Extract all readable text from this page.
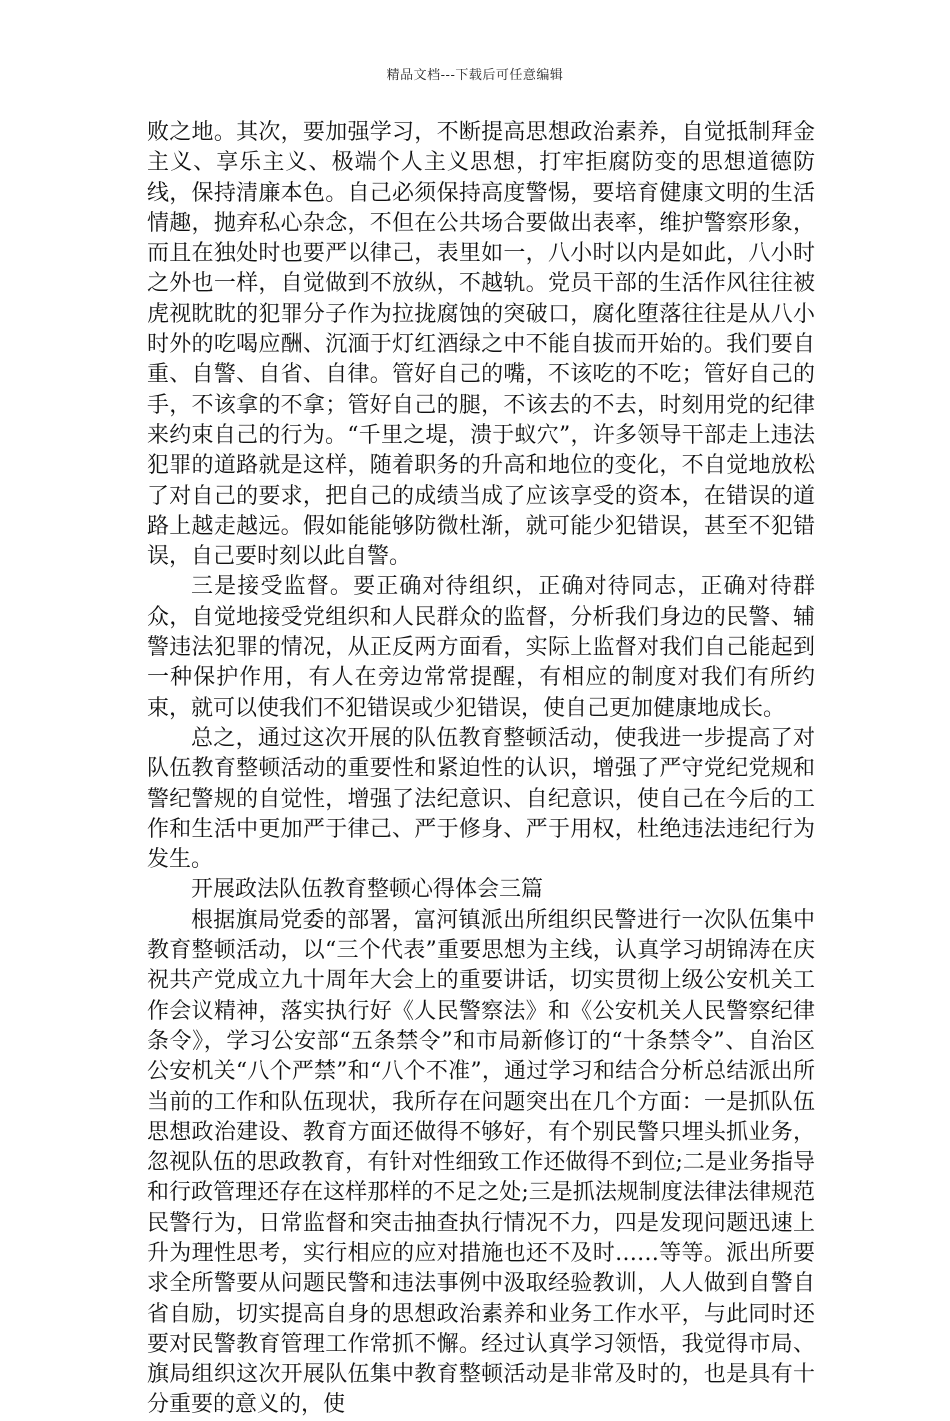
精品文档---下载后可任意编辑

败之地。其次，要加强学习，不断提高思想政治素养，自觉抵制拜金主义、享乐主义、极端个人主义思想，打牢拒腐防变的思想道德防线，保持清廉本色。自己必须保持高度警惕，要培育健康文明的生活情趣，抛弃私心杂念，不但在公共场合要做出表率，维护警察形象，而且在独处时也要严以律己，表里如一，八小时以内是如此，八小时之外也一样，自觉做到不放纵，不越轨。党员干部的生活作风往往被虎视眈眈的犯罪分子作为拉拢腐蚀的突破口，腐化堕落往往是从八小时外的吃喝应酬、沉湎于灯红酒绿之中不能自拔而开始的。我们要自重、自警、自省、自律。管好自己的嘴，不该吃的不吃；管好自己的手，不该拿的不拿；管好自己的腿，不该去的不去，时刻用党的纪律来约束自己的行为。“千里之堤，溃于蚁穴”，许多领导干部走上违法犯罪的道路就是这样，随着职务的升高和地位的变化，不自觉地放松了对自己的要求，把自己的成绩当成了应该享受的资本，在错误的道路上越走越远。假如能能够防微杜渐，就可能少犯错误，甚至不犯错误，自己要时刻以此自警。

三是接受监督。要正确对待组织，正确对待同志，正确对待群众，自觉地接受党组织和人民群众的监督，分析我们身边的民警、辅警违法犯罪的情况，从正反两方面看，实际上监督对我们自己能起到一种保护作用，有人在旁边常常提醒，有相应的制度对我们有所约束，就可以使我们不犯错误或少犯错误，使自己更加健康地成长。

总之，通过这次开展的队伍教育整顿活动，使我进一步提高了对队伍教育整顿活动的重要性和紧迫性的认识，增强了严守党纪党规和警纪警规的自觉性，增强了法纪意识、自纪意识，使自己在今后的工作和生活中更加严于律己、严于修身、严于用权，杜绝违法违纪行为发生。

开展政法队伍教育整顿心得体会三篇

根据旗局党委的部署，富河镇派出所组织民警进行一次队伍集中教育整顿活动，以“三个代表”重要思想为主线，认真学习胡锦涛在庆祝共产党成立九十周年大会上的重要讲话，切实贯彻上级公安机关工作会议精神，落实执行好《人民警察法》和《公安机关人民警察纪律条令》，学习公安部“五条禁令”和市局新修订的“十条禁令”、自治区公安机关“八个严禁”和“八个不准”，通过学习和结合分析总结派出所当前的工作和队伍现状，我所存在问题突出在几个方面：一是抓队伍思想政治建设、教育方面还做得不够好，有个别民警只埋头抓业务，忽视队伍的思政教育，有针对性细致工作还做得不到位;二是业务指导和行政管理还存在这样那样的不足之处;三是抓法规制度法律法律规范民警行为，日常监督和突击抽查执行情况不力，四是发现问题迅速上升为理性思考，实行相应的应对措施也还不及时……等等。派出所要求全所警要从问题民警和违法事例中汲取经验教训，人人做到自警自省自励，切实提高自身的思想政治素养和业务工作水平，与此同时还要对民警教育管理工作常抓不懈。经过认真学习领悟，我觉得市局、旗局组织这次开展队伍集中教育整顿活动是非常及时的，也是具有十分重要的意义的，使
